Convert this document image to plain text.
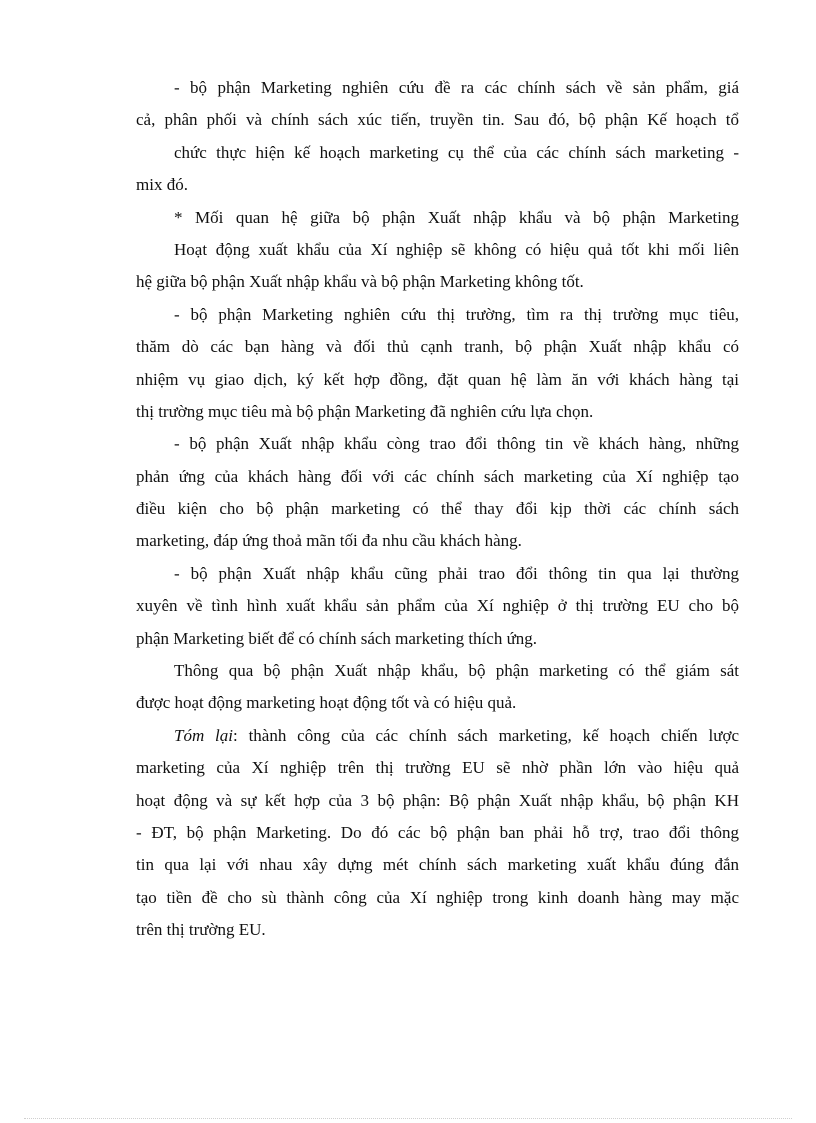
- bộ phận Marketing nghiên cứu đề ra các chính sách về sản phẩm, giá
cả, phân phối và chính sách xúc tiến, truyền tin. Sau đó, bộ phận Kế hoạch tổ
chức thực hiện kế hoạch marketing cụ thể của các chính sách marketing -
mix đó.
* Mối quan hệ giữa bộ phận Xuất nhập khẩu và bộ phận Marketing
Hoạt động xuất khẩu của Xí nghiệp sẽ không có hiệu quả tốt khi mối liên
hệ giữa bộ phận Xuất nhập khẩu và bộ phận Marketing không tốt.
- bộ phận Marketing nghiên cứu thị trường, tìm ra thị trường mục tiêu,
thăm dò các bạn hàng và đối thủ cạnh tranh, bộ phận Xuất nhập khẩu có
nhiệm vụ giao dịch, ký kết hợp đồng, đặt quan hệ làm ăn với khách hàng tại
thị trường mục tiêu mà bộ phận Marketing đã nghiên cứu lựa chọn.
- bộ phận Xuất nhập khẩu còng trao đổi thông tin về khách hàng, những
phản ứng của khách hàng đối với các chính sách marketing của Xí nghiệp tạo
điều kiện cho bộ phận marketing có thể thay đổi kịp thời các chính sách
marketing, đáp ứng thoả mãn tối đa nhu cầu khách hàng.
- bộ phận Xuất nhập khẩu cũng phải trao đổi thông tin qua lại thường
xuyên về tình hình xuất khẩu sản phẩm của Xí nghiệp ở thị trường EU cho bộ
phận Marketing biết để có chính sách marketing thích ứng.
Thông qua bộ phận Xuất nhập khẩu, bộ phận marketing có thể giám sát
được hoạt động marketing hoạt động tốt và có hiệu quả.
Tóm lại: thành công của các chính sách marketing, kế hoạch chiến lược
marketing của Xí nghiệp trên thị trường EU sẽ nhờ phần lớn vào hiệu quả
hoạt động và sự kết hợp của 3 bộ phận: Bộ phận Xuất nhập khẩu, bộ phận KH
- ĐT, bộ phận Marketing. Do đó các bộ phận ban phải hỗ trợ, trao đổi thông
tin qua lại với nhau xây dựng mét chính sách marketing xuất khẩu đúng đắn
tạo tiền đề cho sù thành công của Xí nghiệp trong kinh doanh hàng may mặc
trên thị trường EU.
